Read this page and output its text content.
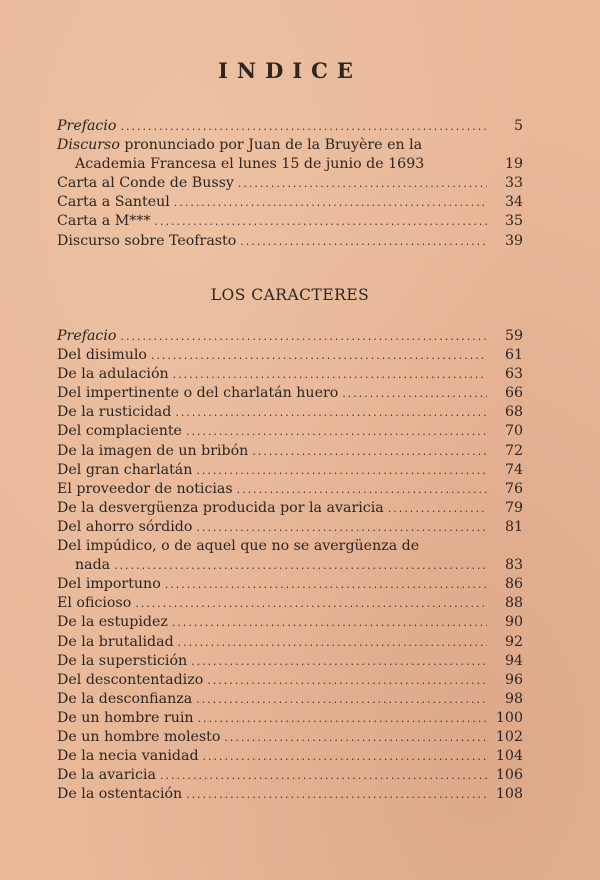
INDICE
Prefacio .....	5
Discurso pronunciado por Juan de la Bruyère en la
Academia Francesa el lunes 15 de junio de 1693	19
Carta al Conde de Bussy .....	33
Carta a Santeul .....	34
Carta a M*** .....	35
Discurso sobre Teofrasto .....	39
LOS CARACTERES
Prefacio .....	59
Del disimulo .....	61
De la adulación .....	63
Del impertinente o del charlatán huero .....	66
De la rusticidad .....	68
Del complaciente .....	70
De la imagen de un bribón .....	72
Del gran charlatán .....	74
El proveedor de noticias .....	76
De la desvergüenza producida por la avaricia .....	79
Del ahorro sórdido .....	81
Del impúdico, o de aquel que no se avergüenza de
nada .....	83
Del importuno .....	86
El oficioso .....	88
De la estupidez .....	90
De la brutalidad .....	92
De la superstición .....	94
Del descontentadizo .....	96
De la desconfianza .....	98
De un hombre ruin .....	100
De un hombre molesto .....	102
De la necia vanidad .....	104
De la avaricia .....	106
De la ostentación .....	108
